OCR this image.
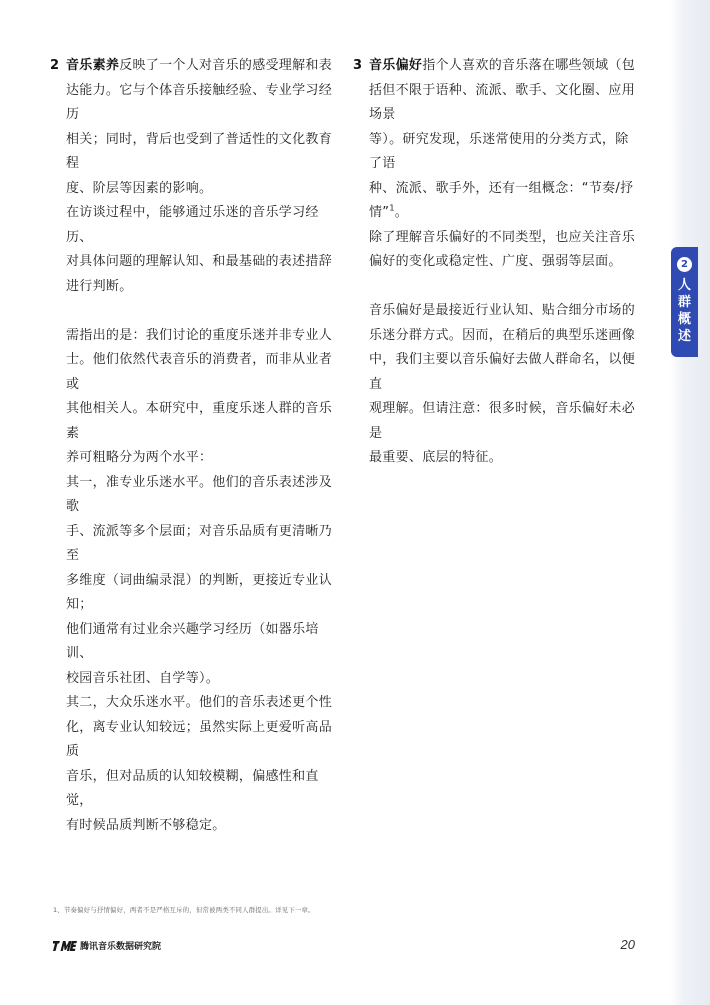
2 音乐素养反映了一个人对音乐的感受理解和表
达能力。它与个体音乐接触经验、专业学习经历
相关；同时，背后也受到了普适性的文化教育程
度、阶层等因素的影响。

在访谈过程中，能够通过乐迷的音乐学习经历、
对具体问题的理解认知、和最基础的表述措辞
进行判断。

需指出的是：我们讨论的重度乐迷并非专业人
士。他们依然代表音乐的消费者，而非从业者或
其他相关人。本研究中，重度乐迷人群的音乐素
养可粗略分为两个水平：

其一，准专业乐迷水平。他们的音乐表述涉及歌
手、流派等多个层面；对音乐品质有更清晰乃至
多维度（词曲编录混）的判断，更接近专业认知；
他们通常有过业余兴趣学习经历（如器乐培训、
校园音乐社团、自学等）。

其二，大众乐迷水平。他们的音乐表述更个性
化，离专业认知较远；虽然实际上更爱听高品质
音乐，但对品质的认知较模糊，偏感性和直觉，
有时候品质判断不够稳定。

3 音乐偏好指个人喜欢的音乐落在哪些领域（包
括但不限于语种、流派、歌手、文化圈、应用场景
等）。研究发现，乐迷常使用的分类方式，除了语
种、流派、歌手外，还有一组概念：“节奏/抒情”$^1$。
除了理解音乐偏好的不同类型，也应关注音乐
偏好的变化或稳定性、广度、强弱等层面。

音乐偏好是最接近行业认知、贴合细分市场的
乐迷分群方式。因而，在稍后的典型乐迷画像
中，我们主要以音乐偏好去做人群命名，以便直
观理解。但请注意：很多时候，音乐偏好未必是
最重要、底层的特征。

2
人群概述
1、节奏偏好与抒情偏好，两者不是严格互斥的，但常被两类不同人群提出。详见下一章。
腾讯音乐数据研究院	20
